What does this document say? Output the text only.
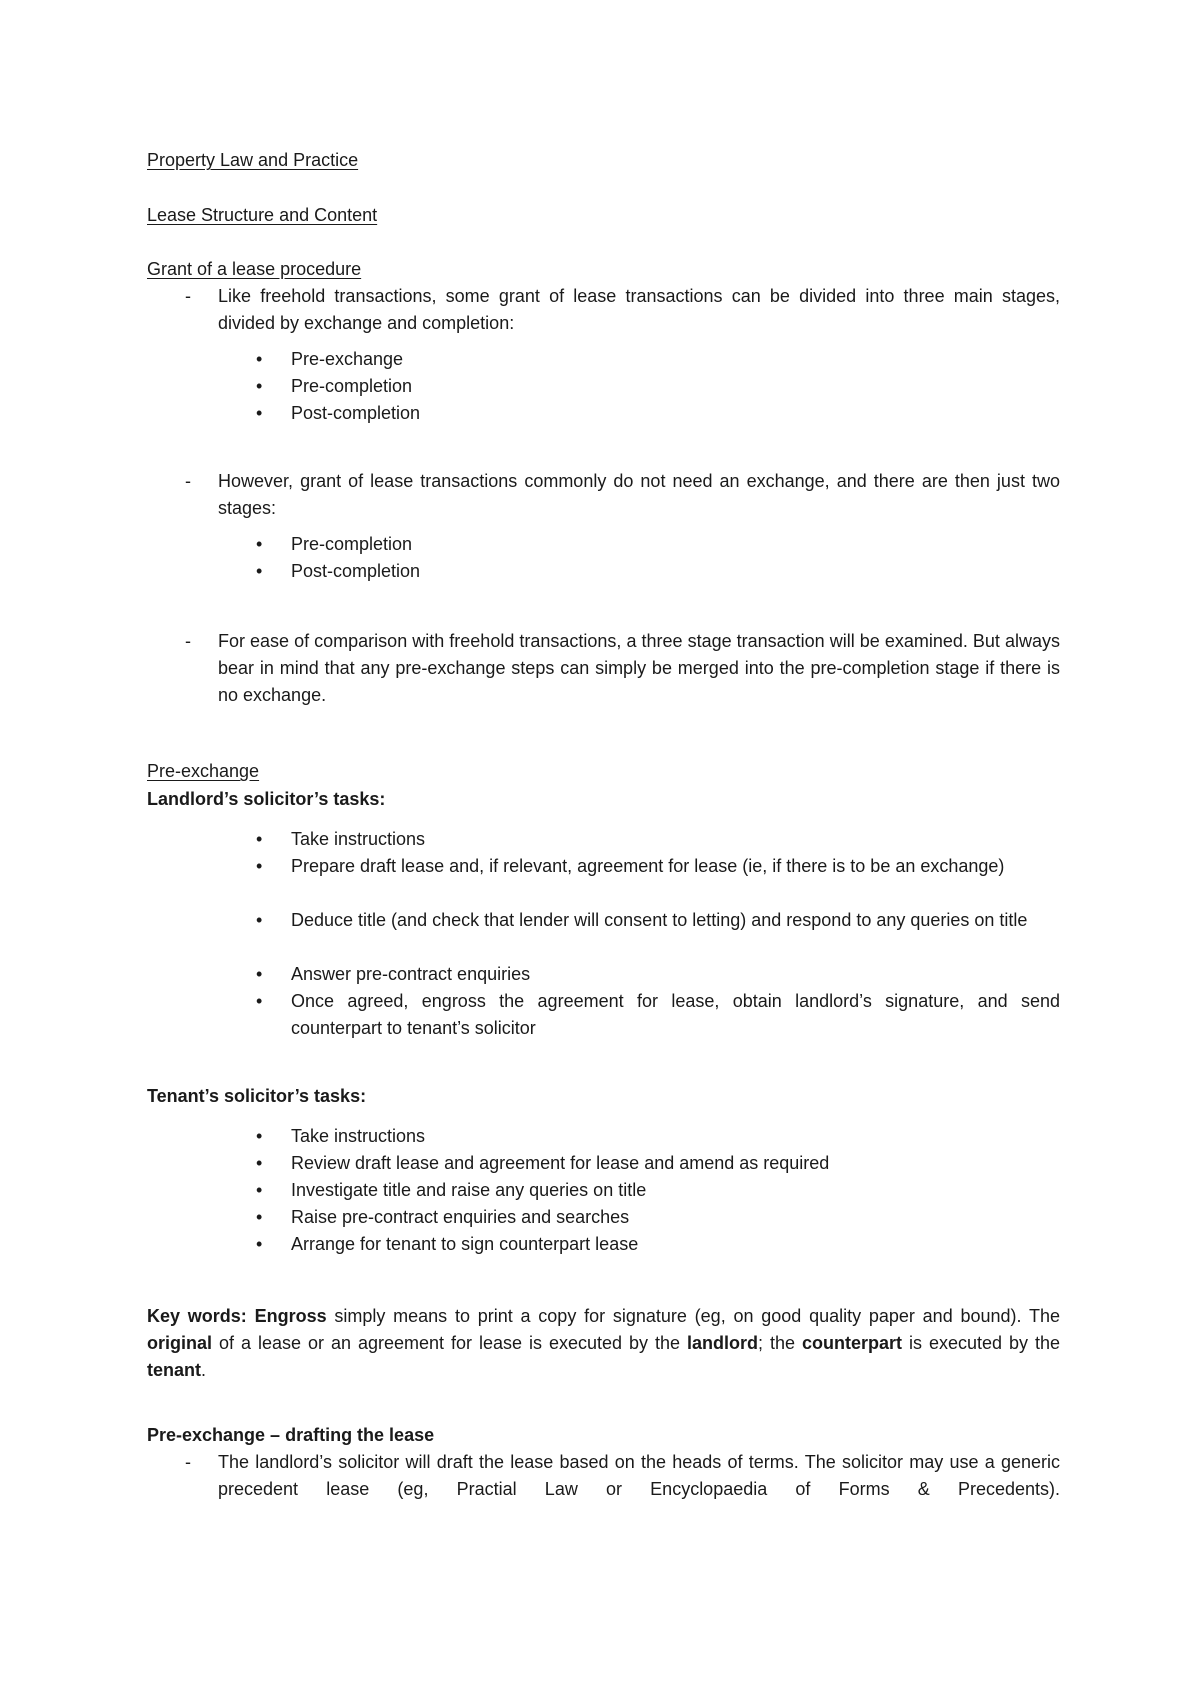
Property Law and Practice
Lease Structure and Content
Grant of a lease procedure
- Like freehold transactions, some grant of lease transactions can be divided into three main stages, divided by exchange and completion:
• Pre-exchange
• Pre-completion
• Post-completion
- However, grant of lease transactions commonly do not need an exchange, and there are then just two stages:
• Pre-completion
• Post-completion
- For ease of comparison with freehold transactions, a three stage transaction will be examined. But always bear in mind that any pre-exchange steps can simply be merged into the pre-completion stage if there is no exchange.
Pre-exchange
Landlord’s solicitor’s tasks:
• Take instructions
• Prepare draft lease and, if relevant, agreement for lease (ie, if there is to be an exchange)
• Deduce title (and check that lender will consent to letting) and respond to any queries on title
• Answer pre-contract enquiries
• Once agreed, engross the agreement for lease, obtain landlord’s signature, and send counterpart to tenant’s solicitor
Tenant’s solicitor’s tasks:
• Take instructions
• Review draft lease and agreement for lease and amend as required
• Investigate title and raise any queries on title
• Raise pre-contract enquiries and searches
• Arrange for tenant to sign counterpart lease
Key words: Engross simply means to print a copy for signature (eg, on good quality paper and bound). The original of a lease or an agreement for lease is executed by the landlord; the counterpart is executed by the tenant.
Pre-exchange – drafting the lease
- The landlord’s solicitor will draft the lease based on the heads of terms. The solicitor may use a generic precedent lease (eg, Practial Law or Encyclopaedia of Forms & Precedents).
